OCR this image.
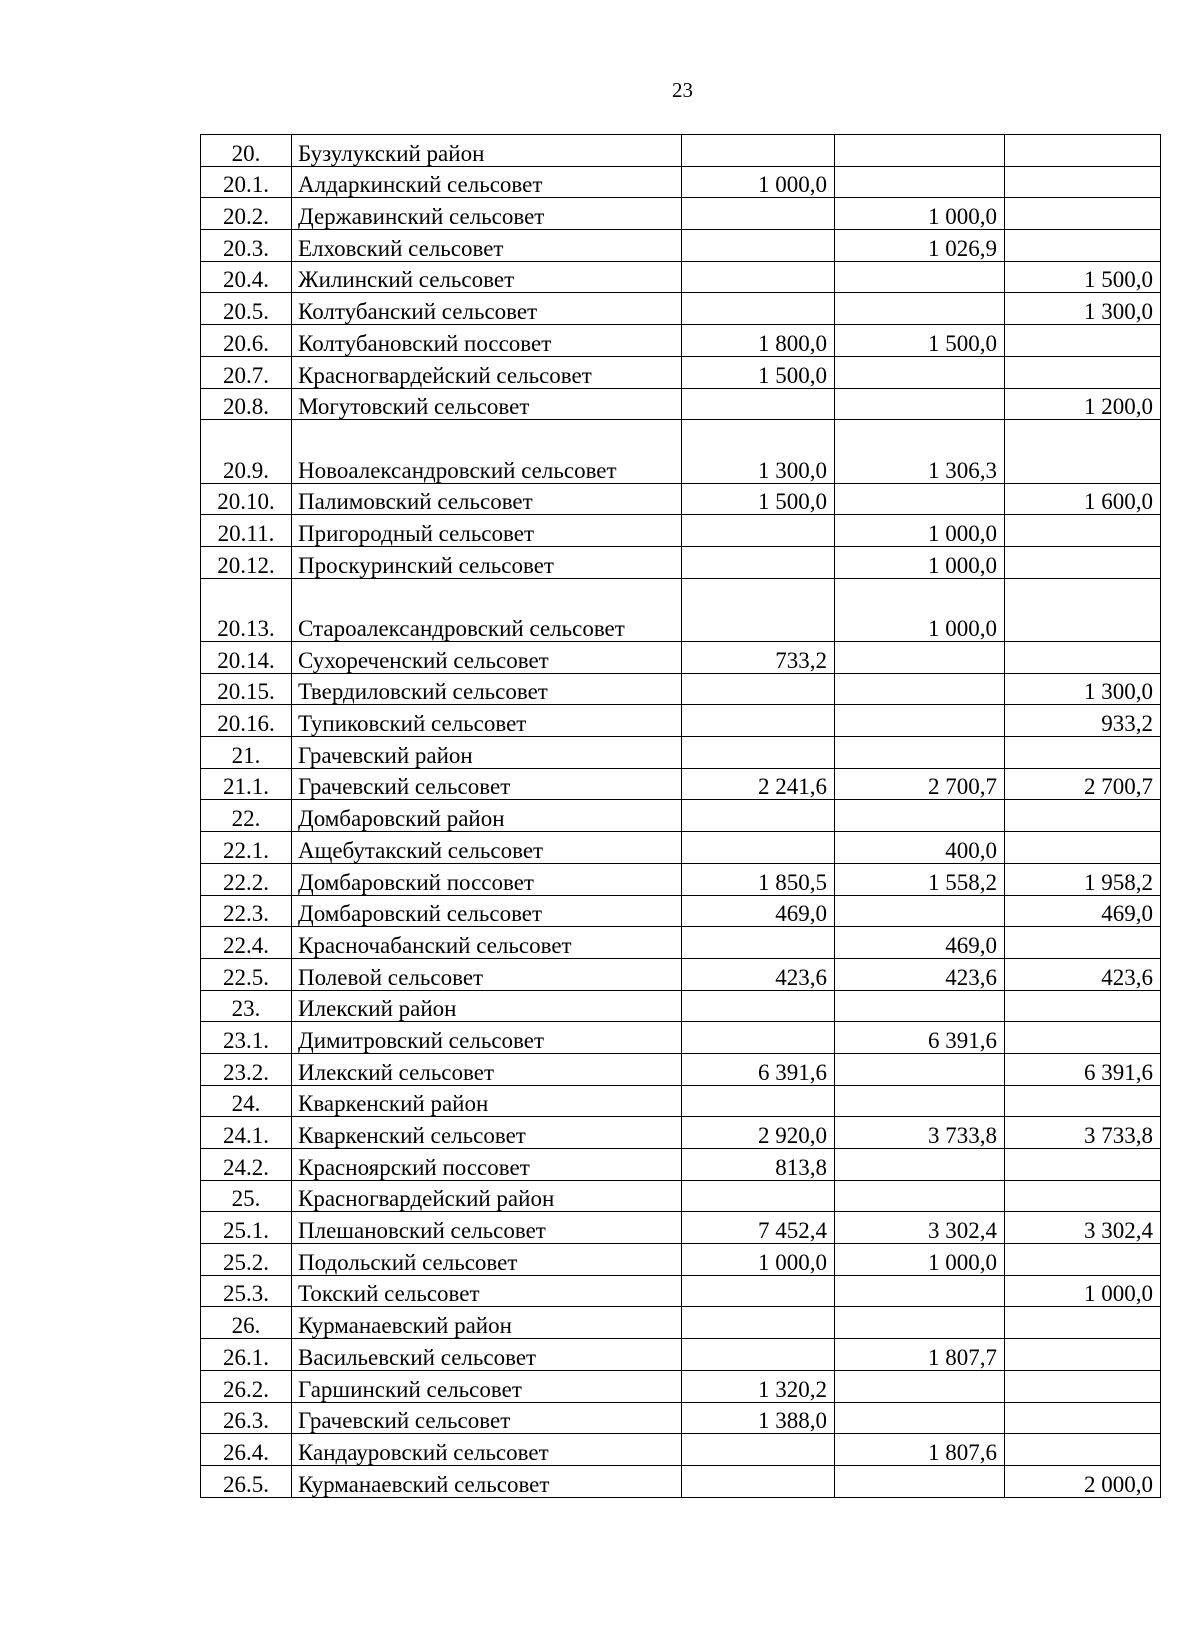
23
20.	Бузулукский район			
20.1.	Алдаркинский сельсовет	1 000,0		
20.2.	Державинский сельсовет		1 000,0	
20.3.	Елховский сельсовет		1 026,9	
20.4.	Жилинский сельсовет			1 500,0
20.5.	Колтубанский сельсовет			1 300,0
20.6.	Колтубановский поссовет	1 800,0	1 500,0	
20.7.	Красногвардейский сельсовет	1 500,0		
20.8.	Могутовский сельсовет			1 200,0
20.9.	Новоалександровский сельсовет	1 300,0	1 306,3	
20.10.	Палимовский сельсовет	1 500,0		1 600,0
20.11.	Пригородный сельсовет		1 000,0	
20.12.	Проскуринский сельсовет		1 000,0	
20.13.	Староалександровский сельсовет		1 000,0	
20.14.	Сухореченский сельсовет	733,2		
20.15.	Твердиловский сельсовет			1 300,0
20.16.	Тупиковский сельсовет			933,2
21.	Грачевский район			
21.1.	Грачевский сельсовет	2 241,6	2 700,7	2 700,7
22.	Домбаровский район			
22.1.	Ащебутакский сельсовет		400,0	
22.2.	Домбаровский поссовет	1 850,5	1 558,2	1 958,2
22.3.	Домбаровский сельсовет	469,0		469,0
22.4.	Красночабанский сельсовет		469,0	
22.5.	Полевой сельсовет	423,6	423,6	423,6
23.	Илекский район			
23.1.	Димитровский сельсовет		6 391,6	
23.2.	Илекский сельсовет	6 391,6		6 391,6
24.	Кваркенский район			
24.1.	Кваркенский сельсовет	2 920,0	3 733,8	3 733,8
24.2.	Красноярский поссовет	813,8		
25.	Красногвардейский район			
25.1.	Плешановский сельсовет	7 452,4	3 302,4	3 302,4
25.2.	Подольский сельсовет	1 000,0	1 000,0	
25.3.	Токский сельсовет			1 000,0
26.	Курманаевский район			
26.1.	Васильевский сельсовет		1 807,7	
26.2.	Гаршинский сельсовет	1 320,2		
26.3.	Грачевский сельсовет	1 388,0		
26.4.	Кандауровский сельсовет		1 807,6	
26.5.	Курманаевский сельсовет			2 000,0
